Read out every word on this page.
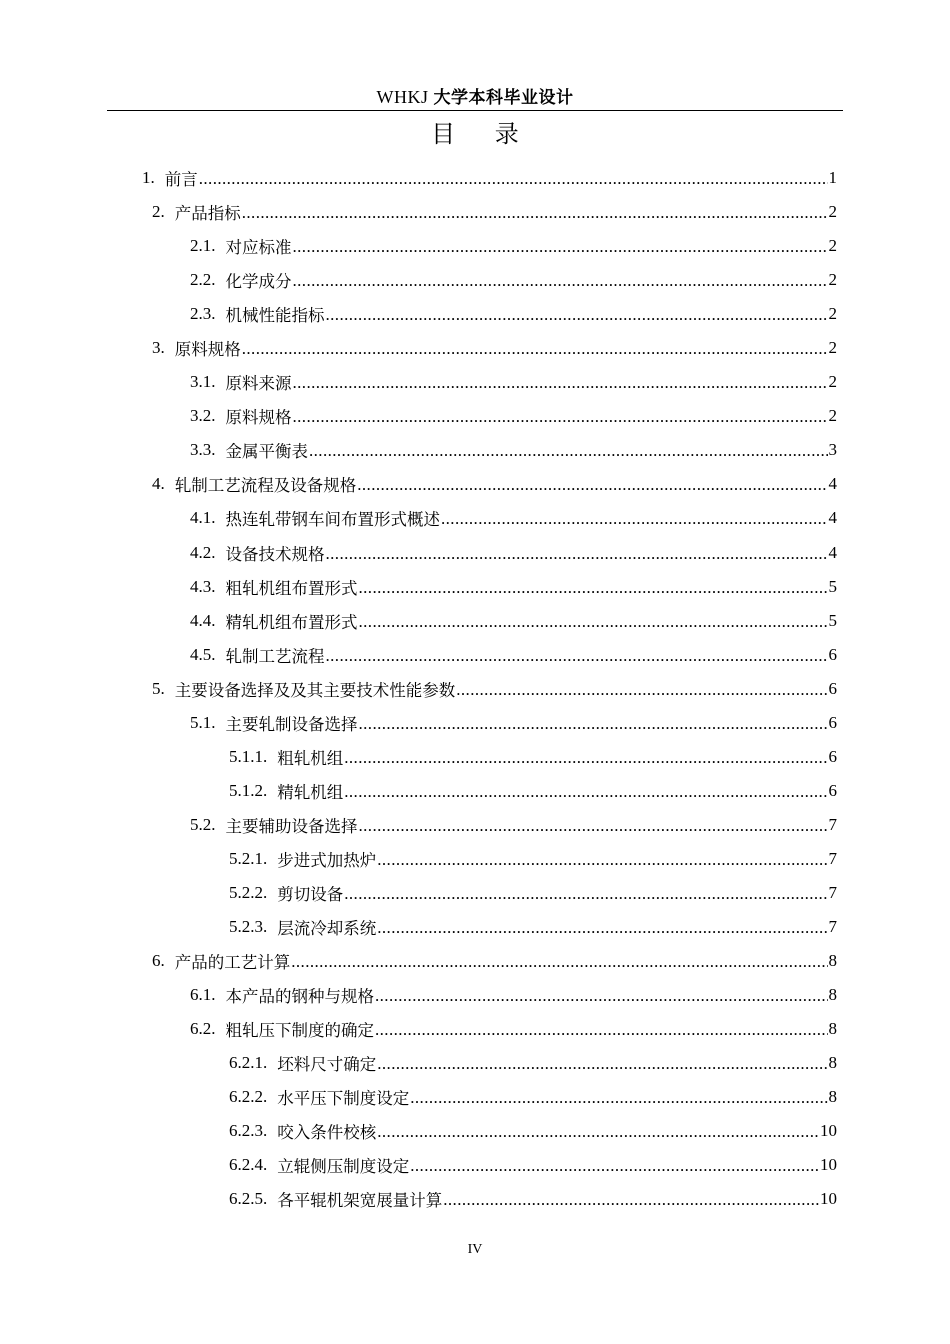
WHKJ 大学本科毕业设计
目 录
1. 前言 .....	1
2. 产品指标 .....	2
2.1. 对应标准 .....	2
2.2. 化学成分 .....	2
2.3. 机械性能指标 .....	2
3. 原料规格 .....	2
3.1. 原料来源 .....	2
3.2. 原料规格 .....	2
3.3. 金属平衡表 .....	3
4. 轧制工艺流程及设备规格 .....	4
4.1. 热连轧带钢车间布置形式概述 .....	4
4.2. 设备技术规格 .....	4
4.3. 粗轧机组布置形式 .....	5
4.4. 精轧机组布置形式 .....	5
4.5. 轧制工艺流程 .....	6
5. 主要设备选择及及其主要技术性能参数 .....	6
5.1. 主要轧制设备选择 .....	6
5.1.1. 粗轧机组 .....	6
5.1.2. 精轧机组 .....	6
5.2. 主要辅助设备选择 .....	7
5.2.1. 步进式加热炉 .....	7
5.2.2. 剪切设备 .....	7
5.2.3. 层流冷却系统 .....	7
6. 产品的工艺计算 .....	8
6.1. 本产品的钢种与规格 .....	8
6.2. 粗轧压下制度的确定 .....	8
6.2.1. 坯料尺寸确定 .....	8
6.2.2. 水平压下制度设定 .....	8
6.2.3. 咬入条件校核 .....	10
6.2.4. 立辊侧压制度设定 .....	10
6.2.5. 各平辊机架宽展量计算 .....	10
IV
